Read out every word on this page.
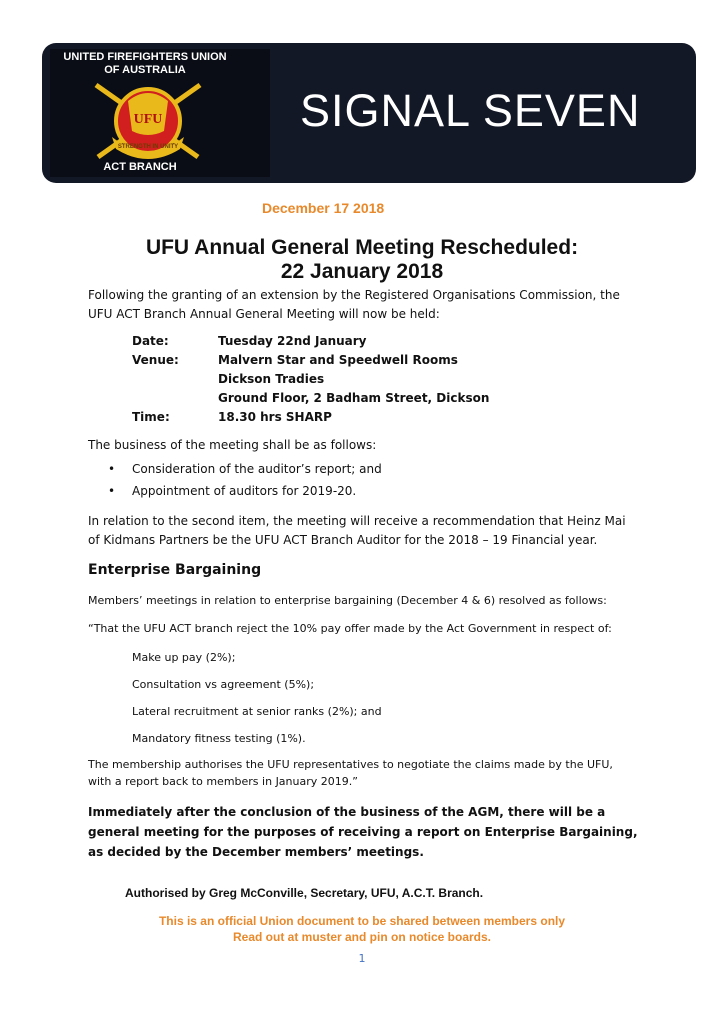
UNITED FIREFIGHTERS UNION
OF AUSTRALIA
UFU
STRENGTH IN UNITY
ACT BRANCH
SIGNAL SEVEN
December 17 2018
UFU Annual General Meeting Rescheduled:
22 January 2018
Following the granting of an extension by the Registered Organisations Commission, the UFU ACT Branch Annual General Meeting will now be held:
Date:	Tuesday 22nd January
Venue:	Malvern Star and Speedwell Rooms
Dickson Tradies
Ground Floor, 2 Badham Street, Dickson
Time:	18.30 hrs SHARP
The business of the meeting shall be as follows:
• Consideration of the auditor’s report; and
• Appointment of auditors for 2019-20.
In relation to the second item, the meeting will receive a recommendation that Heinz Mai of Kidmans Partners be the UFU ACT Branch Auditor for the 2018 – 19 Financial year.
Enterprise Bargaining
Members’ meetings in relation to enterprise bargaining (December 4 & 6) resolved as follows:
“That the UFU ACT branch reject the 10% pay offer made by the Act Government in respect of:
Make up pay (2%);
Consultation vs agreement (5%);
Lateral recruitment at senior ranks (2%); and
Mandatory fitness testing (1%).
The membership authorises the UFU representatives to negotiate the claims made by the UFU, with a report back to members in January 2019.”
Immediately after the conclusion of the business of the AGM, there will be a general meeting for the purposes of receiving a report on Enterprise Bargaining, as decided by the December members’ meetings.
Authorised by Greg McConville, Secretary, UFU, A.C.T. Branch.
This is an official Union document to be shared between members only
Read out at muster and pin on notice boards.
1
